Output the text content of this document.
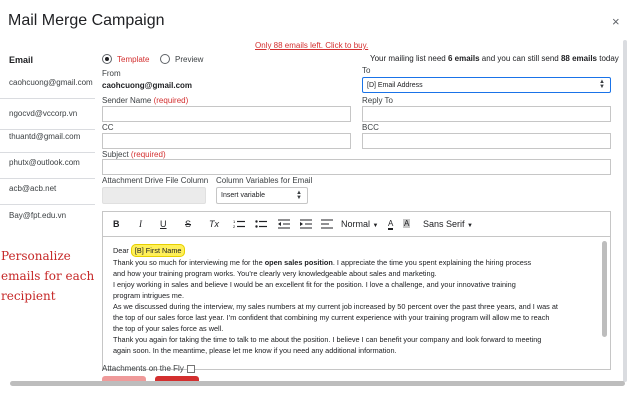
Mail Merge Campaign	×
Email
caohcuong@gmail.com
ngocvd@vccorp.vn
thuantd@gmail.com
phutx@outlook.com
acb@acb.net
Bay@fpt.edu.vn
Personalize emails for each recipient
Only 88 emails left. Click to buy.
Template	Preview	Your mailing list need 6 emails and you can still send 88 emails today
From
caohcuong@gmail.com
To
[D] Email Address	▲
▼
Sender Name (required)	Reply To
CC	BCC
Subject (required)
Attachment Drive File Column Column Variables for Email
Insert variable	▲
▼
B I U S Tx	1
2	Normal ▼ A A Sans Serif ▼
Dear [B] First Name
Thank you so much for interviewing me for the open sales position. I appreciate the time you spent explaining the hiring process
and how your training program works. You’re clearly very knowledgeable about sales and marketing.
I enjoy working in sales and believe I would be an excellent fit for the position. I love a challenge, and your innovative training
program intrigues me.
As we discussed during the interview, my sales numbers at my current job increased by 50 percent over the past three years, and I was at
the top of our sales force last year. I’m confident that combining my current experience with your training program will allow me to reach
the top of your sales force as well.
Thank you again for taking the time to talk to me about the position. I believe I can benefit your company and look forward to meeting
again soon. In the meantime, please let me know if you need any additional information.
Attachments on the Fly
